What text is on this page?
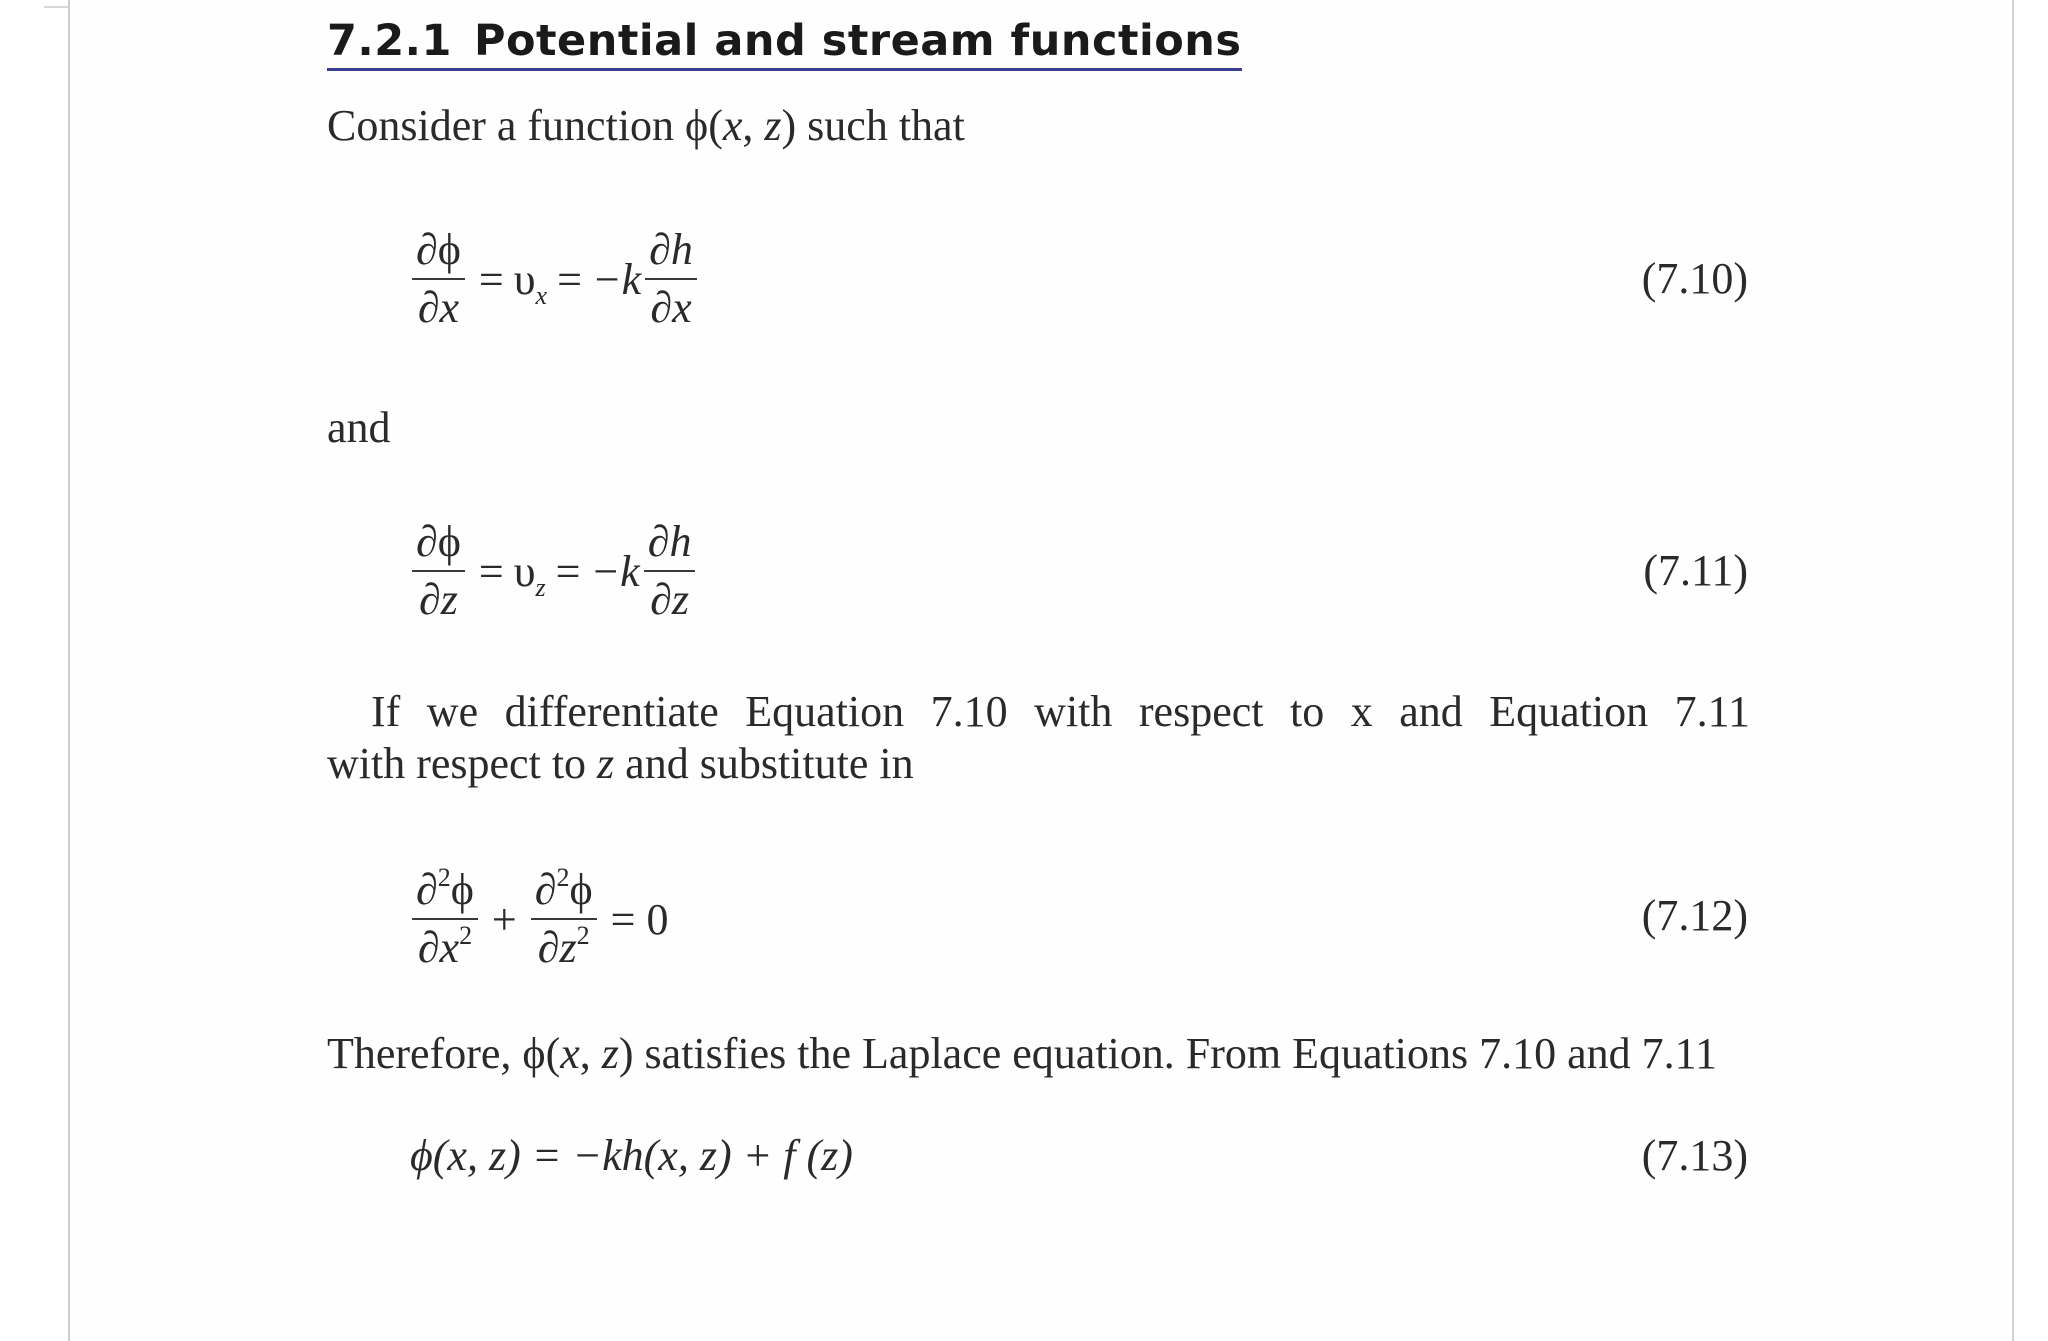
7.2.1 Potential and stream functions
Consider a function ϕ(x, z) such that
$\frac{\partial\phi}{\partial x} = \upsilon_x = -k \frac{\partial h}{\partial x}$	(7.10)
and
$\frac{\partial\phi}{\partial z} = \upsilon_z = -k \frac{\partial h}{\partial z}$	(7.11)
If we differentiate Equation 7.10 with respect to x and Equation 7.11
with respect to z and substitute in
$\frac{\partial^2\phi}{\partial x^2} + \frac{\partial^2\phi}{\partial z^2} = 0$	(7.12)
Therefore, ϕ(x, z) satisfies the Laplace equation. From Equations 7.10 and 7.11
ϕ(x, z) = −kh(x, z) + f (z)	(7.13)
